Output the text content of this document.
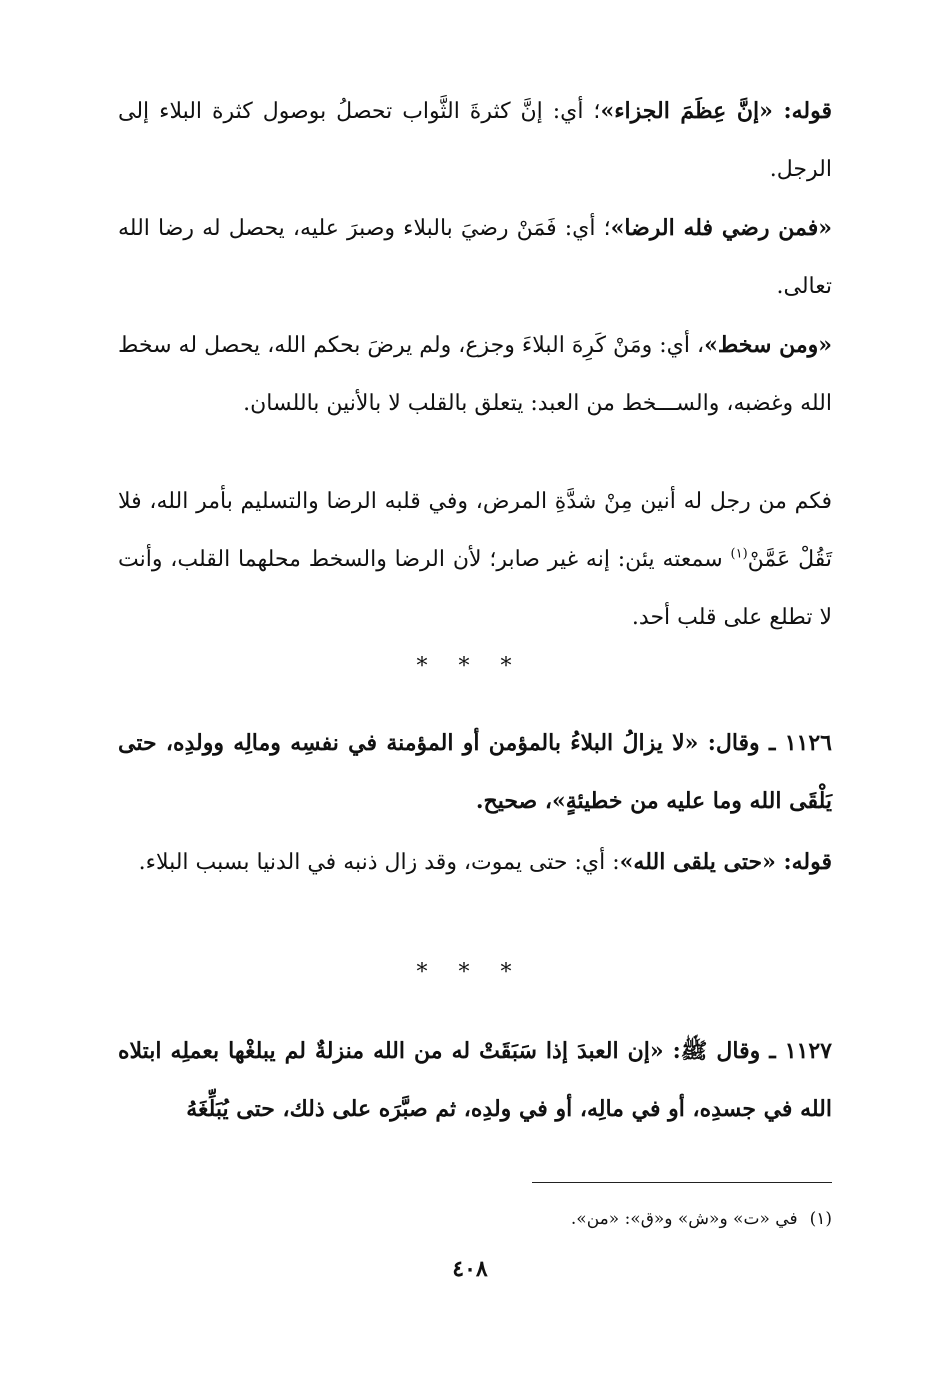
قوله: «إنَّ عِظَمَ الجزاء»؛ أي: إنَّ كثرةَ الثَّواب تحصلُ بوصول كثرة البلاء إلى الرجل.

«فمن رضي فله الرضا»؛ أي: فَمَنْ رضيَ بالبلاء وصبرَ عليه، يحصل له رضا الله تعالى.

«ومن سخط»، أي: ومَنْ كَرِهَ البلاءَ وجزع، ولم يرضَ بحكم الله، يحصل له سخط الله وغضبه، والســـخط من العبد: يتعلق بالقلب لا بالأنين باللسان.

فكم من رجل له أنين مِنْ شدَّةِ المرض، وفي قلبه الرضا والتسليم بأمر الله، فلا تَقُلْ عَمَّنْ$^{(١)}$ سمعته يئن: إنه غير صابر؛ لأن الرضا والسخط محلهما القلب، وأنت لا تطلع على قلب أحد.

* * *

١١٢٦ ـ وقال: «لا يزالُ البلاءُ بالمؤمن أو المؤمنة في نفسِه ومالِه وولدِه، حتى يَلْقَى الله وما عليه من خطيئةٍ»، صحيح.

قوله: «حتى يلقى الله»: أي: حتى يموت، وقد زال ذنبه في الدنيا بسبب البلاء.

* * *

١١٢٧ ـ وقال ﷺ: «إن العبدَ إذا سَبَقَتْ له من الله منزلةٌ لم يبلغْها بعملِه ابتلاه الله في جسدِه، أو في مالِه، أو في ولدِه، ثم صبَّرَه على ذلك، حتى يُبَلِّغَهُ

(١)في «ت» و«ش» و«ق»: «من».
٤٠٨
